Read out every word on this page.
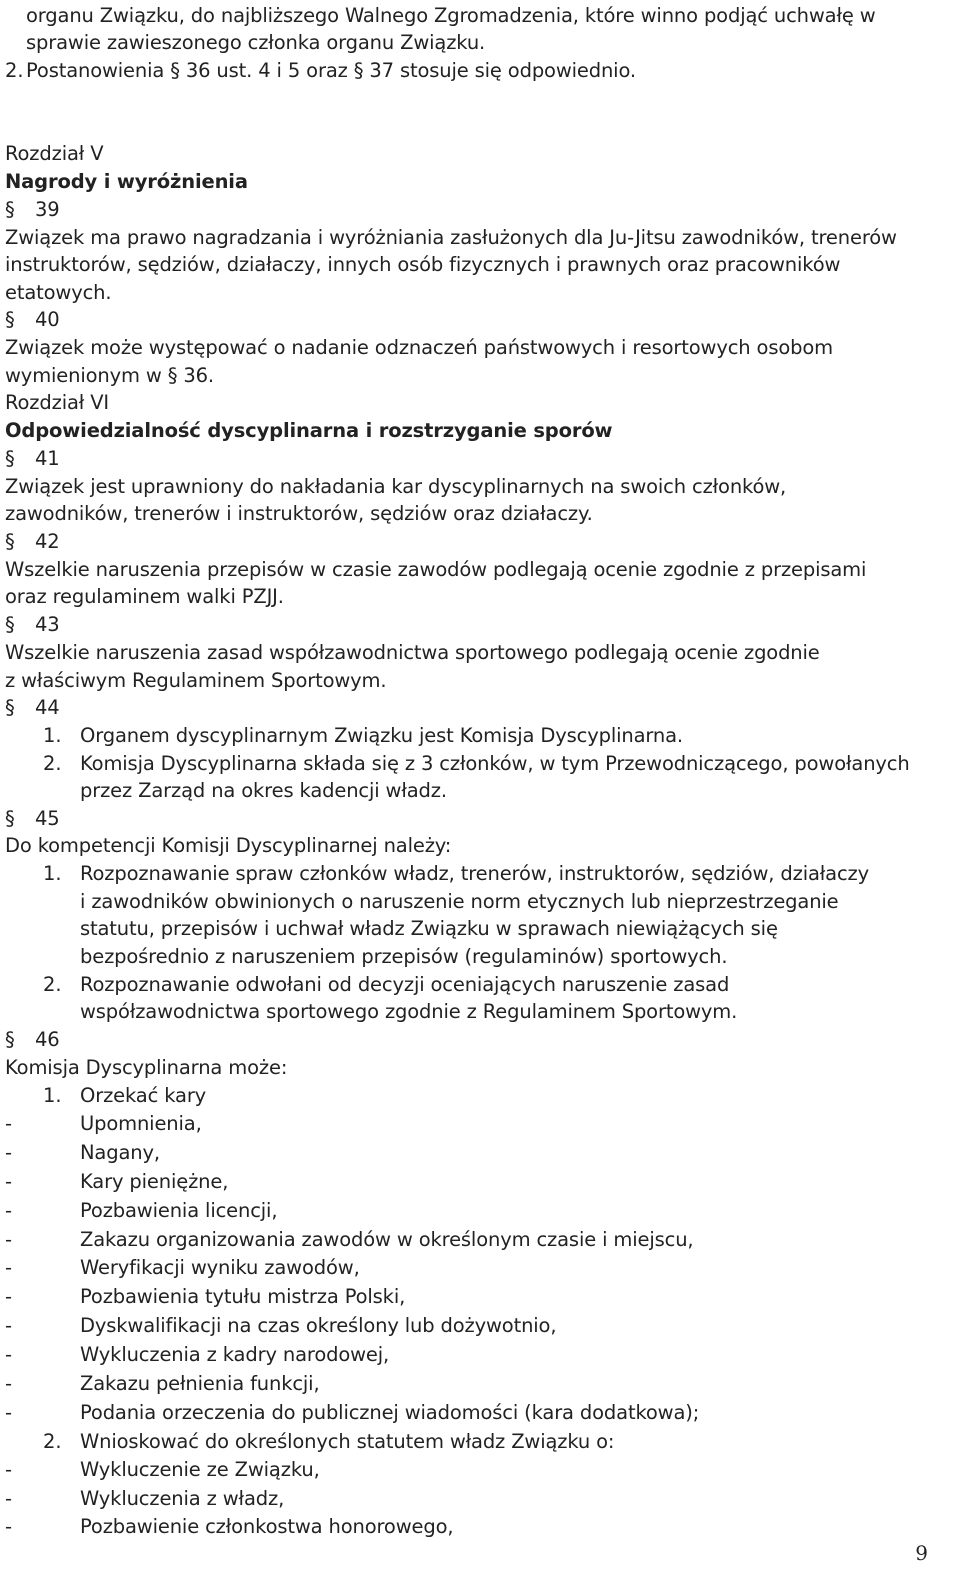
organu Związku, do najbliższego Walnego Zgromadzenia, które winno podjąć uchwałę w
sprawie zawieszonego członka organu Związku.
2. Postanowienia § 36 ust. 4 i 5 oraz § 37 stosuje się odpowiednio.
Rozdział V
Nagrody i wyróżnienia
§ 39
Związek ma prawo nagradzania i wyróżniania zasłużonych dla Ju-Jitsu zawodników, trenerów
instruktorów, sędziów, działaczy, innych osób fizycznych i prawnych oraz pracowników
etatowych.
§ 40
Związek może występować o nadanie odznaczeń państwowych i resortowych osobom
wymienionym w § 36.
Rozdział VI
Odpowiedzialność dyscyplinarna i rozstrzyganie sporów
§ 41
Związek jest uprawniony do nakładania kar dyscyplinarnych na swoich członków,
zawodników, trenerów i instruktorów, sędziów oraz działaczy.
§ 42
Wszelkie naruszenia przepisów w czasie zawodów podlegają ocenie zgodnie z przepisami
oraz regulaminem walki PZJJ.
§ 43
Wszelkie naruszenia zasad współzawodnictwa sportowego podlegają ocenie zgodnie
z właściwym Regulaminem Sportowym.
§ 44
1. Organem dyscyplinarnym Związku jest Komisja Dyscyplinarna.
2. Komisja Dyscyplinarna składa się z 3 członków, w tym Przewodniczącego, powołanych
przez Zarząd na okres kadencji władz.
§ 45
Do kompetencji Komisji Dyscyplinarnej należy:
1. Rozpoznawanie spraw członków władz, trenerów, instruktorów, sędziów, działaczy
i zawodników obwinionych o naruszenie norm etycznych lub nieprzestrzeganie
statutu, przepisów i uchwał władz Związku w sprawach niewiążących się
bezpośrednio z naruszeniem przepisów (regulaminów) sportowych.
2. Rozpoznawanie odwołani od decyzji oceniających naruszenie zasad
współzawodnictwa sportowego zgodnie z Regulaminem Sportowym.
§ 46
Komisja Dyscyplinarna może:
1. Orzekać kary
-	Upomnienia,
-	Nagany,
-	Kary pieniężne,
-	Pozbawienia licencji,
-	Zakazu organizowania zawodów w określonym czasie i miejscu,
-	Weryfikacji wyniku zawodów,
-	Pozbawienia tytułu mistrza Polski,
-	Dyskwalifikacji na czas określony lub dożywotnio,
-	Wykluczenia z kadry narodowej,
-	Zakazu pełnienia funkcji,
-	Podania orzeczenia do publicznej wiadomości (kara dodatkowa);
2. Wnioskować do określonych statutem władz Związku o:
-	Wykluczenie ze Związku,
-	Wykluczenia z władz,
-	Pozbawienie członkostwa honorowego,
9
